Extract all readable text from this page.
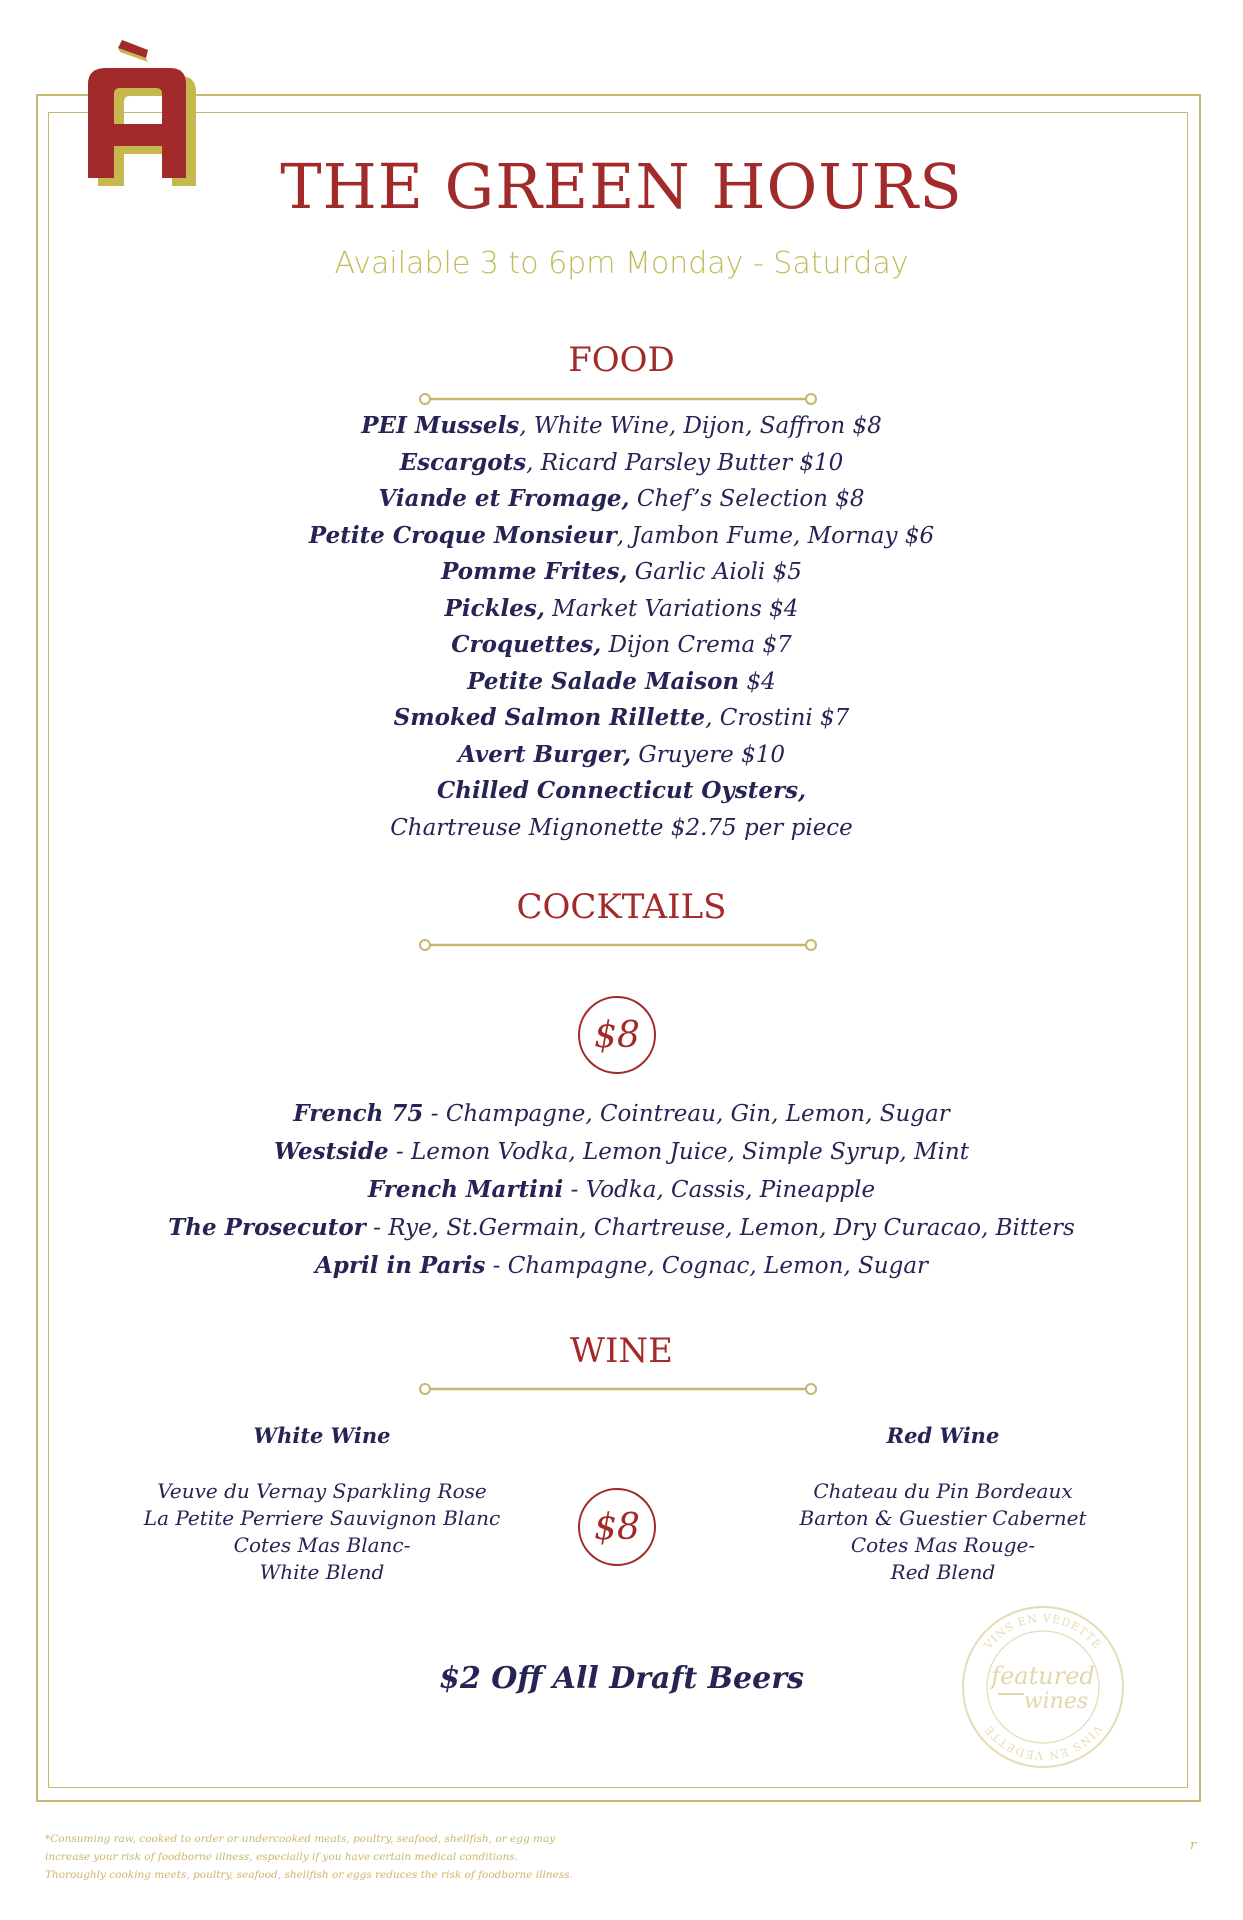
THE GREEN HOURS
Available 3 to 6pm Monday - Saturday
FOOD
PEI Mussels, White Wine, Dijon, Saffron $8
Escargots, Ricard Parsley Butter $10
Viande et Fromage, Chef’s Selection $8
Petite Croque Monsieur, Jambon Fume, Mornay $6
Pomme Frites, Garlic Aioli $5
Pickles, Market Variations $4
Croquettes, Dijon Crema $7
Petite Salade Maison $4
Smoked Salmon Rillette, Crostini $7
Avert Burger, Gruyere $10
Chilled Connecticut Oysters,
Chartreuse Mignonette $2.75 per piece
COCKTAILS
$8
French 75 - Champagne, Cointreau, Gin, Lemon, Sugar
Westside - Lemon Vodka, Lemon Juice, Simple Syrup, Mint
French Martini - Vodka, Cassis, Pineapple
The Prosecutor - Rye, St.Germain, Chartreuse, Lemon, Dry Curacao, Bitters
April in Paris - Champagne, Cognac, Lemon, Sugar
WINE
White Wine
Veuve du Vernay Sparkling Rose
La Petite Perriere Sauvignon Blanc
Cotes Mas Blanc-
White Blend
$8
Red Wine
Chateau du Pin Bordeaux
Barton & Guestier Cabernet
Cotes Mas Rouge-
Red Blend
$2 Off All Draft Beers
VINS EN VEDETTE
VINS EN VEDETTE
featured
wines
*Consuming raw, cooked to order or undercooked meats, poultry, seafood, shellfish, or egg may
increase your risk of foodborne illness, especially if you have certain medical conditions.
Thoroughly cooking meets, poultry, seafood, shellfish or eggs reduces the risk of foodborne illness.
r
